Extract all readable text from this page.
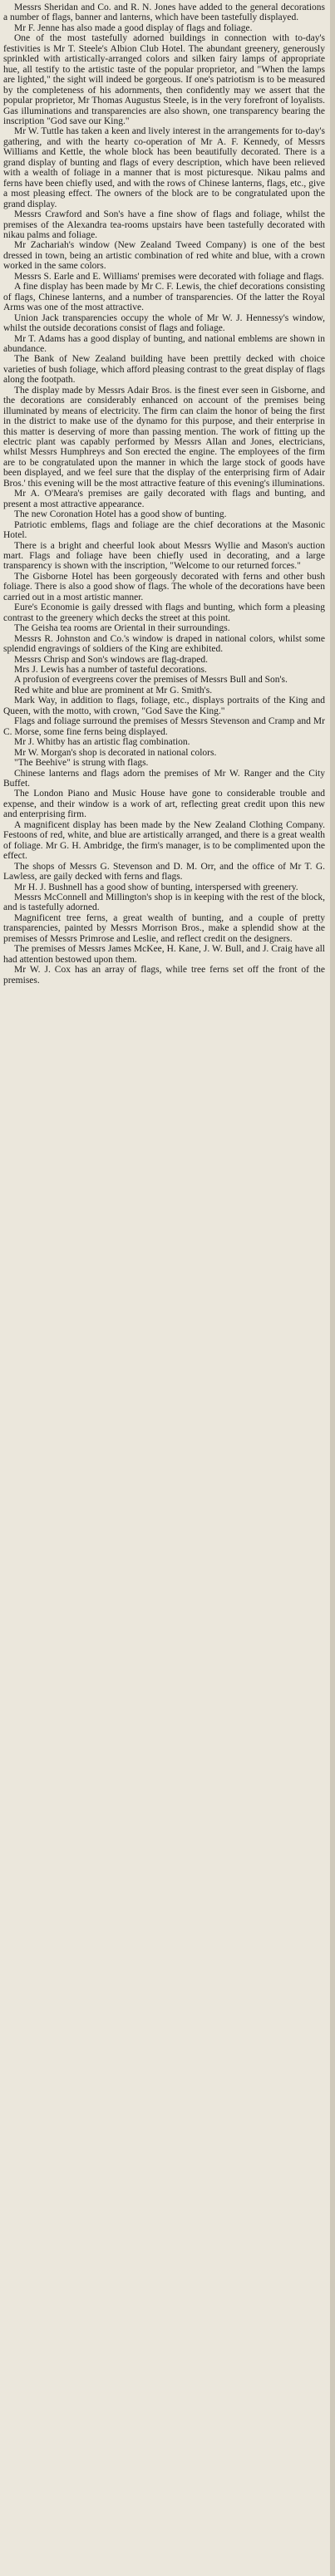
Messrs Sheridan and Co. and R. N. Jones have added to the general decorations a number of flags, banner and lanterns, which have been tastefully displayed.

Mr F. Jenne has also made a good display of flags and foliage.

One of the most tastefully adorned buildings in connection with to-day's festivities is Mr T. Steele's Albion Club Hotel. The abundant greenery, generously sprinkled with artistically-arranged colors and silken fairy lamps of appropriate hue, all testify to the artistic taste of the popular proprietor, and "When the lamps are lighted," the sight will indeed be gorgeous. If one's patriotism is to be measured by the completeness of his adornments, then confidently may we assert that the popular proprietor, Mr Thomas Augustus Steele, is in the very forefront of loyalists. Gas illuminations and transparencies are also shown, one transparency bearing the inscription "God save our King."

Mr W. Tuttle has taken a keen and lively interest in the arrangements for to-day's gathering, and with the hearty co-operation of Mr A. F. Kennedy, of Messrs Williams and Kettle, the whole block has been beautifully decorated. There is a grand display of bunting and flags of every description, which have been relieved with a wealth of foliage in a manner that is most picturesque. Nikau palms and ferns have been chiefly used, and with the rows of Chinese lanterns, flags, etc., give a most pleasing effect. The owners of the block are to be congratulated upon the grand display.

Messrs Crawford and Son's have a fine show of flags and foliage, whilst the premises of the Alexandra tea-rooms upstairs have been tastefully decorated with nikau palms and foliage.

Mr Zachariah's window (New Zealand Tweed Company) is one of the best dressed in town, being an artistic combination of red white and blue, with a crown worked in the same colors.

Messrs S. Earle and E. Williams' premises were decorated with foliage and flags.

A fine display has been made by Mr C. F. Lewis, the chief decorations consisting of flags, Chinese lanterns, and a number of transparencies. Of the latter the Royal Arms was one of the most attractive.

Union Jack transparencies occupy the whole of Mr W. J. Hennessy's window, whilst the outside decorations consist of flags and foliage.

Mr T. Adams has a good display of bunting, and national emblems are shown in abundance.

The Bank of New Zealand building have been prettily decked with choice varieties of bush foliage, which afford pleasing contrast to the great display of flags along the footpath.

The display made by Messrs Adair Bros. is the finest ever seen in Gisborne, and the decorations are considerably enhanced on account of the premises being illuminated by means of electricity. The firm can claim the honor of being the first in the district to make use of the dynamo for this purpose, and their enterprise in this matter is deserving of more than passing mention. The work of fitting up the electric plant was capably performed by Messrs Allan and Jones, electricians, whilst Messrs Humphreys and Son erected the engine. The employees of the firm are to be congratulated upon the manner in which the large stock of goods have been displayed, and we feel sure that the display of the enterprising firm of Adair Bros.' this evening will be the most attractive feature of this evening's illuminations.

Mr A. O'Meara's premises are gaily decorated with flags and bunting, and present a most attractive appearance.

The new Coronation Hotel has a good show of bunting.

Patriotic emblems, flags and foliage are the chief decorations at the Masonic Hotel.

There is a bright and cheerful look about Messrs Wyllie and Mason's auction mart. Flags and foliage have been chiefly used in decorating, and a large transparency is shown with the inscription, "Welcome to our returned forces."

The Gisborne Hotel has been gorgeously decorated with ferns and other bush foliage. There is also a good show of flags. The whole of the decorations have been carried out in a most artistic manner.

Eure's Economie is gaily dressed with flags and bunting, which form a pleasing contrast to the greenery which decks the street at this point.

The Geisha tea rooms are Oriental in their surroundings.

Messrs R. Johnston and Co.'s window is draped in national colors, whilst some splendid engravings of soldiers of the King are exhibited.

Messrs Chrisp and Son's windows are flag-draped.

Mrs J. Lewis has a number of tasteful decorations.

A profusion of evergreens cover the premises of Messrs Bull and Son's.

Red white and blue are prominent at Mr G. Smith's.

Mark Way, in addition to flags, foliage, etc., displays portraits of the King and Queen, with the motto, with crown, "God Save the King."

Flags and foliage surround the premises of Messrs Stevenson and Cramp and Mr C. Morse, some fine ferns being displayed.

Mr J. Whitby has an artistic flag combination.

Mr W. Morgan's shop is decorated in national colors.

"The Beehive" is strung with flags.

Chinese lanterns and flags adorn the premises of Mr W. Ranger and the City Buffet.

The London Piano and Music House have gone to considerable trouble and expense, and their window is a work of art, reflecting great credit upon this new and enterprising firm.

A magnificent display has been made by the New Zealand Clothing Company. Festoons of red, white, and blue are artistically arranged, and there is a great wealth of foliage. Mr G. H. Ambridge, the firm's manager, is to be complimented upon the effect.

The shops of Messrs G. Stevenson and D. M. Orr, and the office of Mr T. G. Lawless, are gaily decked with ferns and flags.

Mr H. J. Bushnell has a good show of bunting, interspersed with greenery.

Messrs McConnell and Millington's shop is in keeping with the rest of the block, and is tastefully adorned.

Magnificent tree ferns, a great wealth of bunting, and a couple of pretty transparencies, painted by Messrs Morrison Bros., make a splendid show at the premises of Messrs Primrose and Leslie, and reflect credit on the designers.

The premises of Messrs James McKee, H. Kane, J. W. Bull, and J. Craig have all had attention bestowed upon them.

Mr W. J. Cox has an array of flags, while tree ferns set off the front of the premises.
